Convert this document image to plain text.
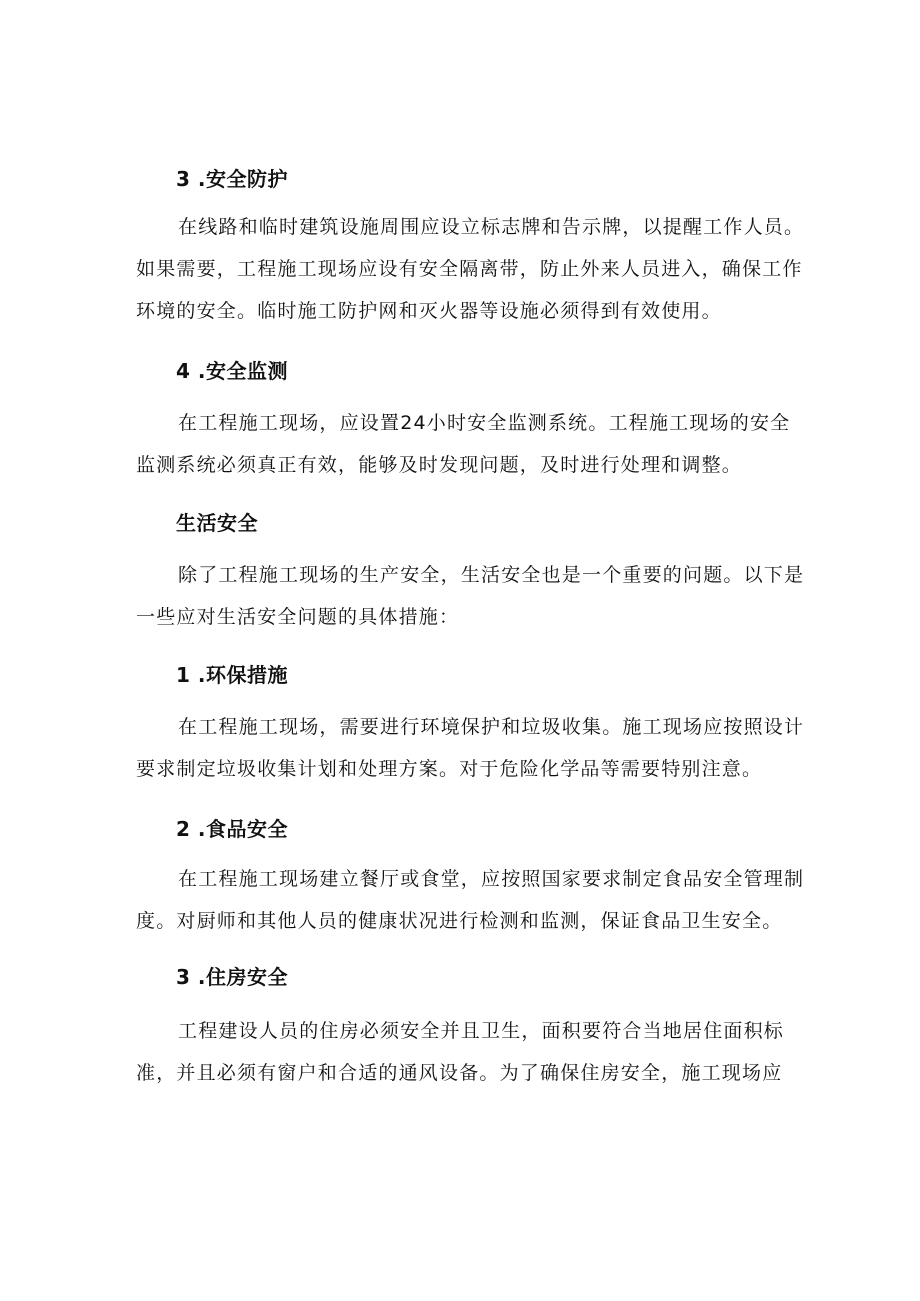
3 .安全防护
在线路和临时建筑设施周围应设立标志牌和告示牌，以提醒工作人员。
如果需要，工程施工现场应设有安全隔离带，防止外来人员进入，确保工作
环境的安全。临时施工防护网和灭火器等设施必须得到有效使用。
4 .安全监测
在工程施工现场，应设置24小时安全监测系统。工程施工现场的安全
监测系统必须真正有效，能够及时发现问题，及时进行处理和调整。
生活安全
除了工程施工现场的生产安全，生活安全也是一个重要的问题。以下是
一些应对生活安全问题的具体措施：
1 .环保措施
在工程施工现场，需要进行环境保护和垃圾收集。施工现场应按照设计
要求制定垃圾收集计划和处理方案。对于危险化学品等需要特别注意。
2 .食品安全
在工程施工现场建立餐厅或食堂，应按照国家要求制定食品安全管理制
度。对厨师和其他人员的健康状况进行检测和监测，保证食品卫生安全。
3 .住房安全
工程建设人员的住房必须安全并且卫生，面积要符合当地居住面积标
准，并且必须有窗户和合适的通风设备。为了确保住房安全，施工现场应
